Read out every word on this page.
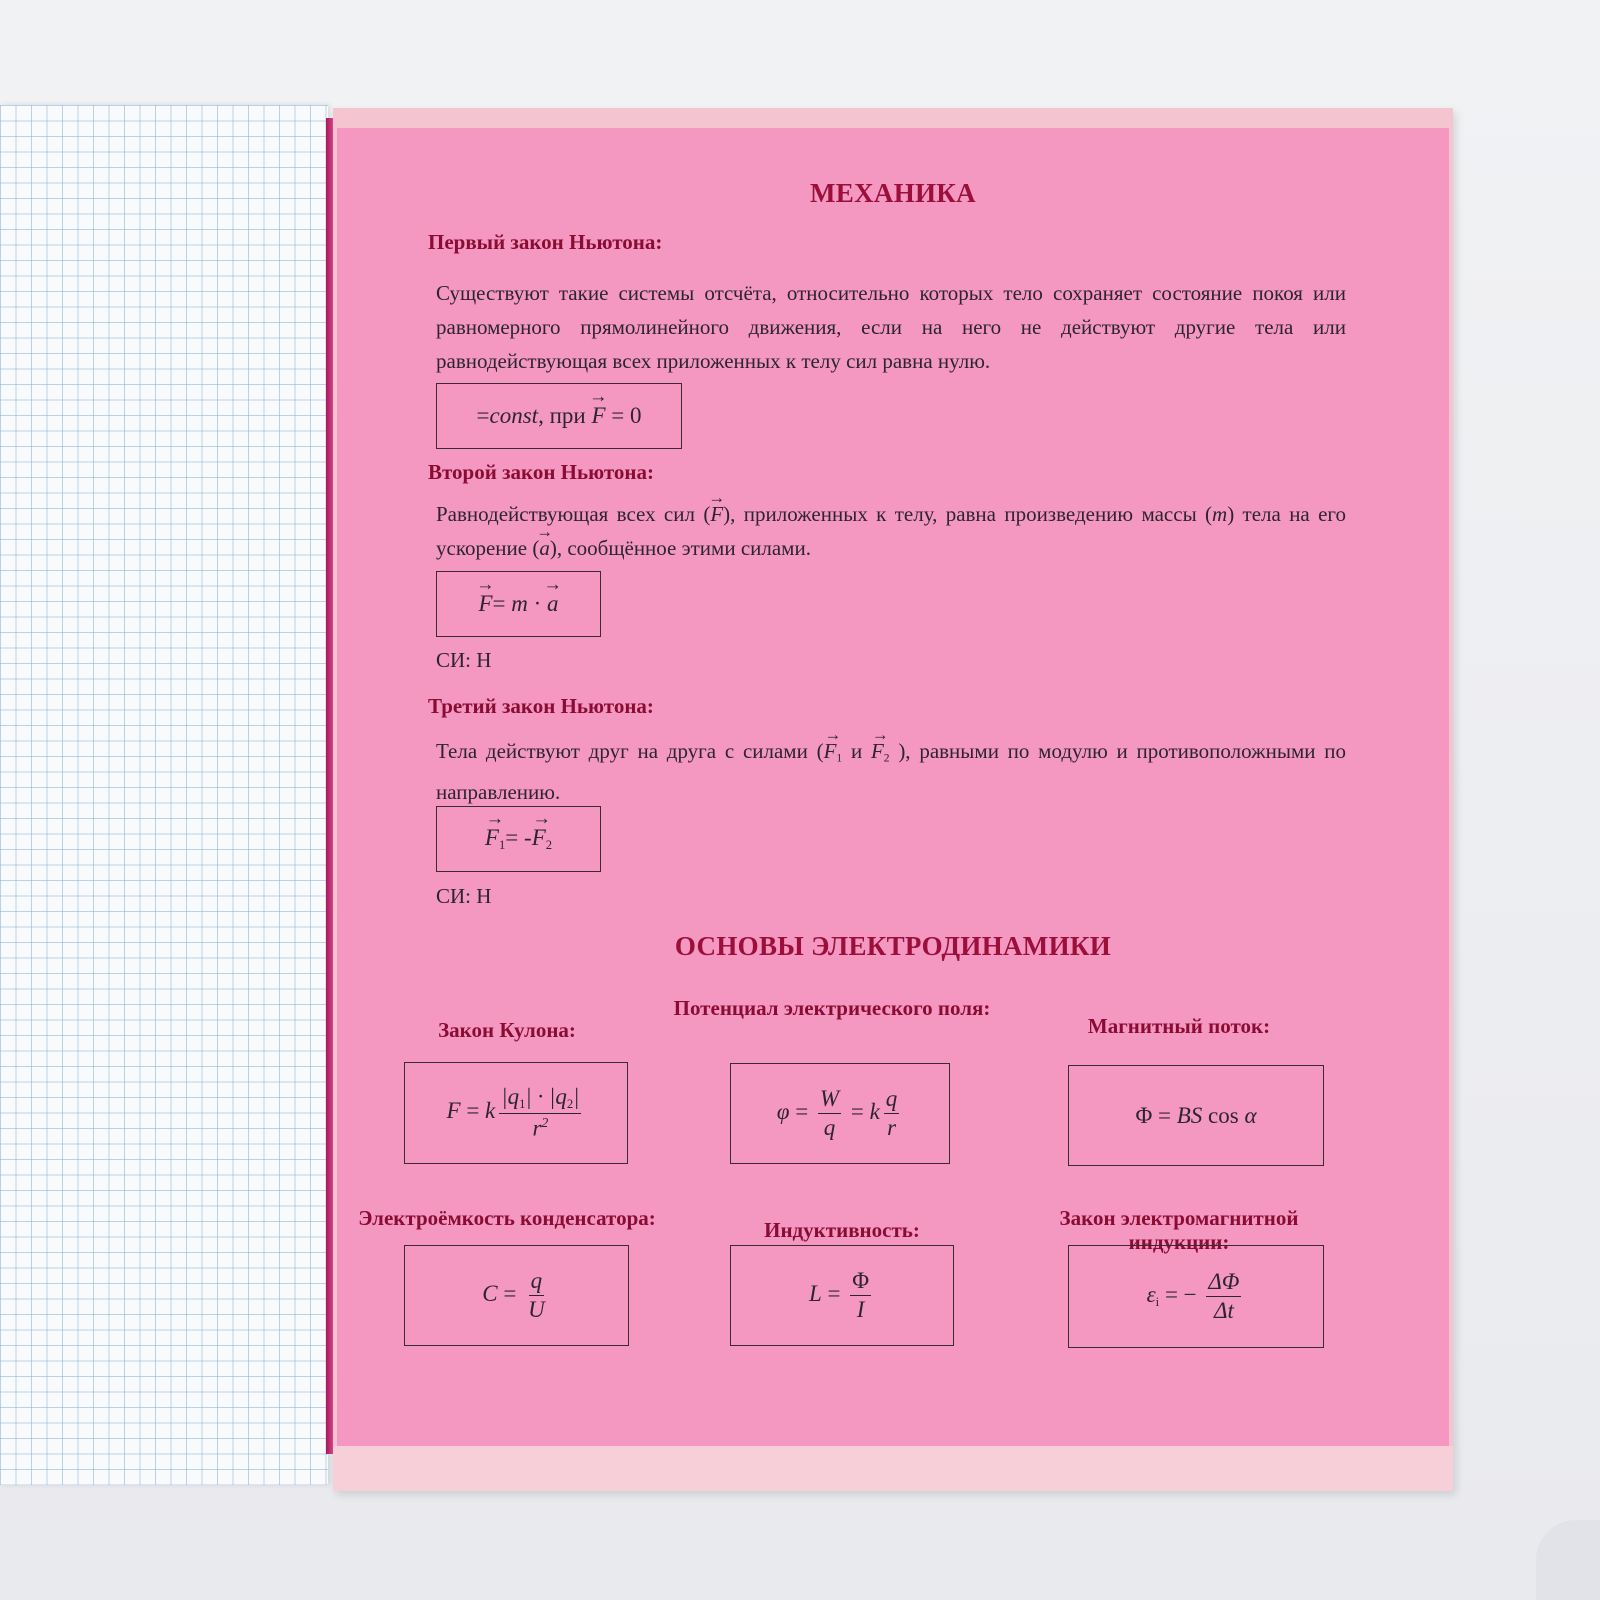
МЕХАНИКА
Первый закон Ньютона:
Существуют такие системы отсчёта, относительно которых тело сохраняет состояние покоя или равномерного прямолинейного движения, если на него не действуют другие тела или равнодействующая всех приложенных к телу сил равна нулю.
=const, при → F = 0
Второй закон Ньютона:
Равнодействующая всех сил (→ F), приложенных к телу, равна произведению массы (m) тела на его ускорение (→ a), сообщённое этими силами.
→ F= m · → a
СИ: Н
Третий закон Ньютона:
Тела действуют друг на друга с силами (→ $F_1$ $и \to F_2$ ), равными по модулю и противоположными по направлению.
→ $F_1= -\to F_2$
СИ: Н
ОСНОВЫ ЭЛЕКТРОДИНАМИКИ
Закон Кулона:
Потенциал электрического поля:
Магнитный поток:
F = k $\frac{|q_1| \cdot |q_2|}{r^2}$	$\varphi = \frac{W}{q} = k \frac{q}{r}$	Φ = BS cos α
Электроёмкость конденсатора:	Индуктивность:	Закон электромагнитной индукции:
$C = \frac{q}{U}$	$L = \frac{\Phi}{I}$	$\varepsilon_i$ = − $\frac{\Delta\Phi}{\Delta t}$
